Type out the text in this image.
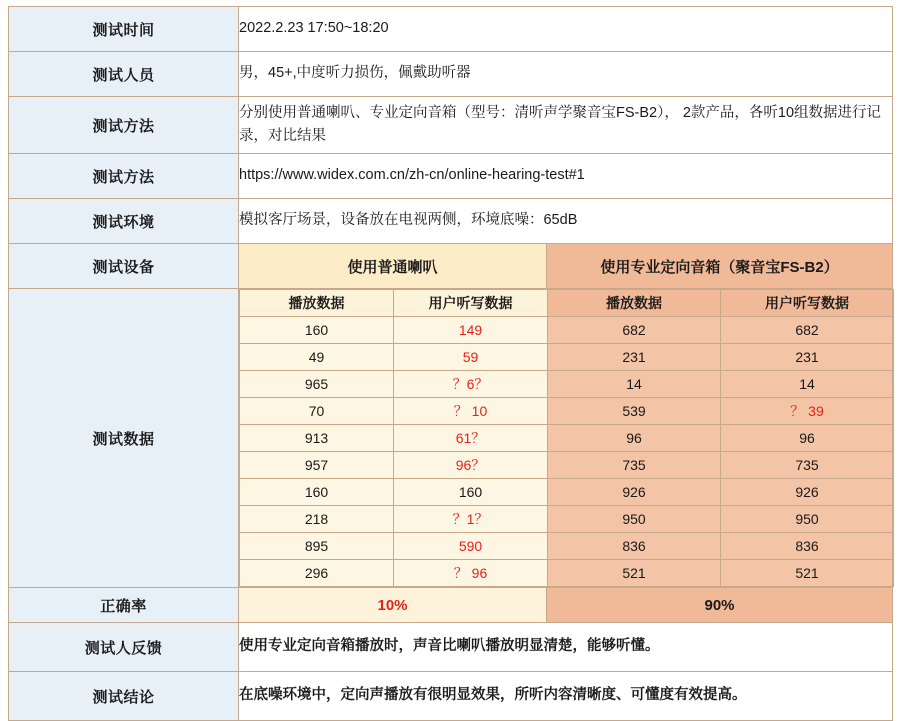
测试时间	2022.2.23 17:50~18:20
测试人员	男，45+,中度听力损伤，佩戴助听器
测试方法	分别使用普通喇叭、专业定向音箱（型号：清听声学聚音宝FS-B2）， 2款产品，各听10组数据进行记录，对比结果
测试方法	https://www.widex.com.cn/zh-cn/online-hearing-test#1
测试环境	模拟客厅场景，设备放在电视两侧，环境底噪：65dB
测试设备	使用普通喇叭	使用专业定向音箱（聚音宝FS-B2）
测试数据	
播放数据	用户听写数据	播放数据	用户听写数据
160	149	682	682
49	59	231	231
965	？6？	14	14
70	？ 10	539	？ 39
913	61？	96	96
957	96？	735	735
160	160	926	926
218	？1？	950	950
895	590	836	836
296	？ 96	521	521

正确率	10%	90%
测试人反馈	使用专业定向音箱播放时，声音比喇叭播放明显清楚，能够听懂。
测试结论	在底噪环境中，定向声播放有很明显效果，所听内容清晰度、可懂度有效提高。
